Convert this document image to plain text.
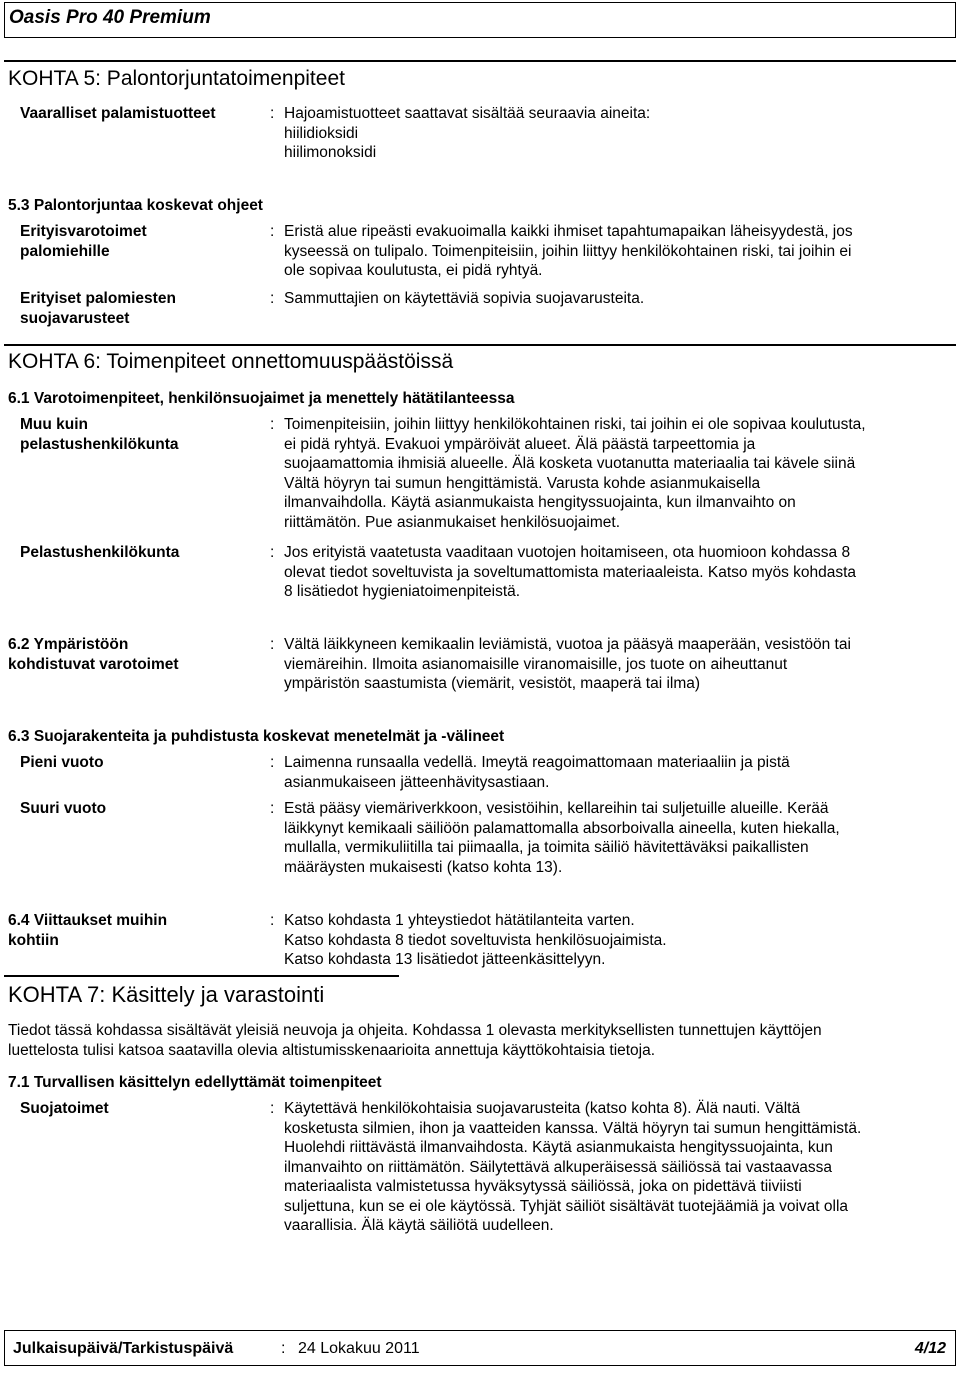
Oasis Pro 40 Premium
KOHTA 5: Palontorjuntatoimenpiteet
Vaaralliset palamistuotteet	: Hajoamistuotteet saattavat sisältää seuraavia aineita:
hiilidioksidi
hiilimonoksidi
5.3 Palontorjuntaa koskevat ohjeet
Erityisvarotoimet
palomiehille
: Eristä alue ripeästi evakuoimalla kaikki ihmiset tapahtumapaikan läheisyydestä, jos
kyseessä on tulipalo. Toimenpiteisiin, joihin liittyy henkilökohtainen riski, tai joihin ei
ole sopivaa koulutusta, ei pidä ryhtyä.
Erityiset palomiesten
suojavarusteet
: Sammuttajien on käytettäviä sopivia suojavarusteita.
KOHTA 6: Toimenpiteet onnettomuuspäästöissä
6.1 Varotoimenpiteet, henkilönsuojaimet ja menettely hätätilanteessa
Muu kuin
pelastushenkilökunta
: Toimenpiteisiin, joihin liittyy henkilökohtainen riski, tai joihin ei ole sopivaa koulutusta,
ei pidä ryhtyä. Evakuoi ympäröivät alueet. Älä päästä tarpeettomia ja
suojaamattomia ihmisiä alueelle. Älä kosketa vuotanutta materiaalia tai kävele siinä
Vältä höyryn tai sumun hengittämistä. Varusta kohde asianmukaisella
ilmanvaihdolla. Käytä asianmukaista hengityssuojainta, kun ilmanvaihto on
riittämätön. Pue asianmukaiset henkilösuojaimet.
Pelastushenkilökunta	: Jos erityistä vaatetusta vaaditaan vuotojen hoitamiseen, ota huomioon kohdassa 8
olevat tiedot soveltuvista ja soveltumattomista materiaaleista. Katso myös kohdasta
8 lisätiedot hygieniatoimenpiteistä.
6.2 Ympäristöön
kohdistuvat varotoimet
: Vältä läikkyneen kemikaalin leviämistä, vuotoa ja pääsyä maaperään, vesistöön tai
viemäreihin. Ilmoita asianomaisille viranomaisille, jos tuote on aiheuttanut
ympäristön saastumista (viemärit, vesistöt, maaperä tai ilma)
6.3 Suojarakenteita ja puhdistusta koskevat menetelmät ja -välineet
Pieni vuoto	: Laimenna runsaalla vedellä. Imeytä reagoimattomaan materiaaliin ja pistä
asianmukaiseen jätteenhävitysastiaan.
Suuri vuoto	: Estä pääsy viemäriverkkoon, vesistöihin, kellareihin tai suljetuille alueille. Kerää
läikkynyt kemikaali säiliöön palamattomalla absorboivalla aineella, kuten hiekalla,
mullalla, vermikuliitilla tai piimaalla, ja toimita säiliö hävitettäväksi paikallisten
määräysten mukaisesti (katso kohta 13).
6.4 Viittaukset muihin
kohtiin
: Katso kohdasta 1 yhteystiedot hätätilanteita varten.
Katso kohdasta 8 tiedot soveltuvista henkilösuojaimista.
Katso kohdasta 13 lisätiedot jätteenkäsittelyyn.
KOHTA 7: Käsittely ja varastointi
Tiedot tässä kohdassa sisältävät yleisiä neuvoja ja ohjeita. Kohdassa 1 olevasta merkityksellisten tunnettujen käyttöjen
luettelosta tulisi katsoa saatavilla olevia altistumisskenaarioita annettuja käyttökohtaisia tietoja.
7.1 Turvallisen käsittelyn edellyttämät toimenpiteet
Suojatoimet	: Käytettävä henkilökohtaisia suojavarusteita (katso kohta 8). Älä nauti. Vältä
kosketusta silmien, ihon ja vaatteiden kanssa. Vältä höyryn tai sumun hengittämistä.
Huolehdi riittävästä ilmanvaihdosta. Käytä asianmukaista hengityssuojainta, kun
ilmanvaihto on riittämätön. Säilytettävä alkuperäisessä säiliössä tai vastaavassa
materiaalista valmistetussa hyväksytyssä säiliössä, joka on pidettävä tiiviisti
suljettuna, kun se ei ole käytössä. Tyhjät säiliöt sisältävät tuotejäämiä ja voivat olla
vaarallisia. Älä käytä säiliötä uudelleen.
Julkaisupäivä/Tarkistuspäivä	: 24 Lokakuu 2011	4/12
